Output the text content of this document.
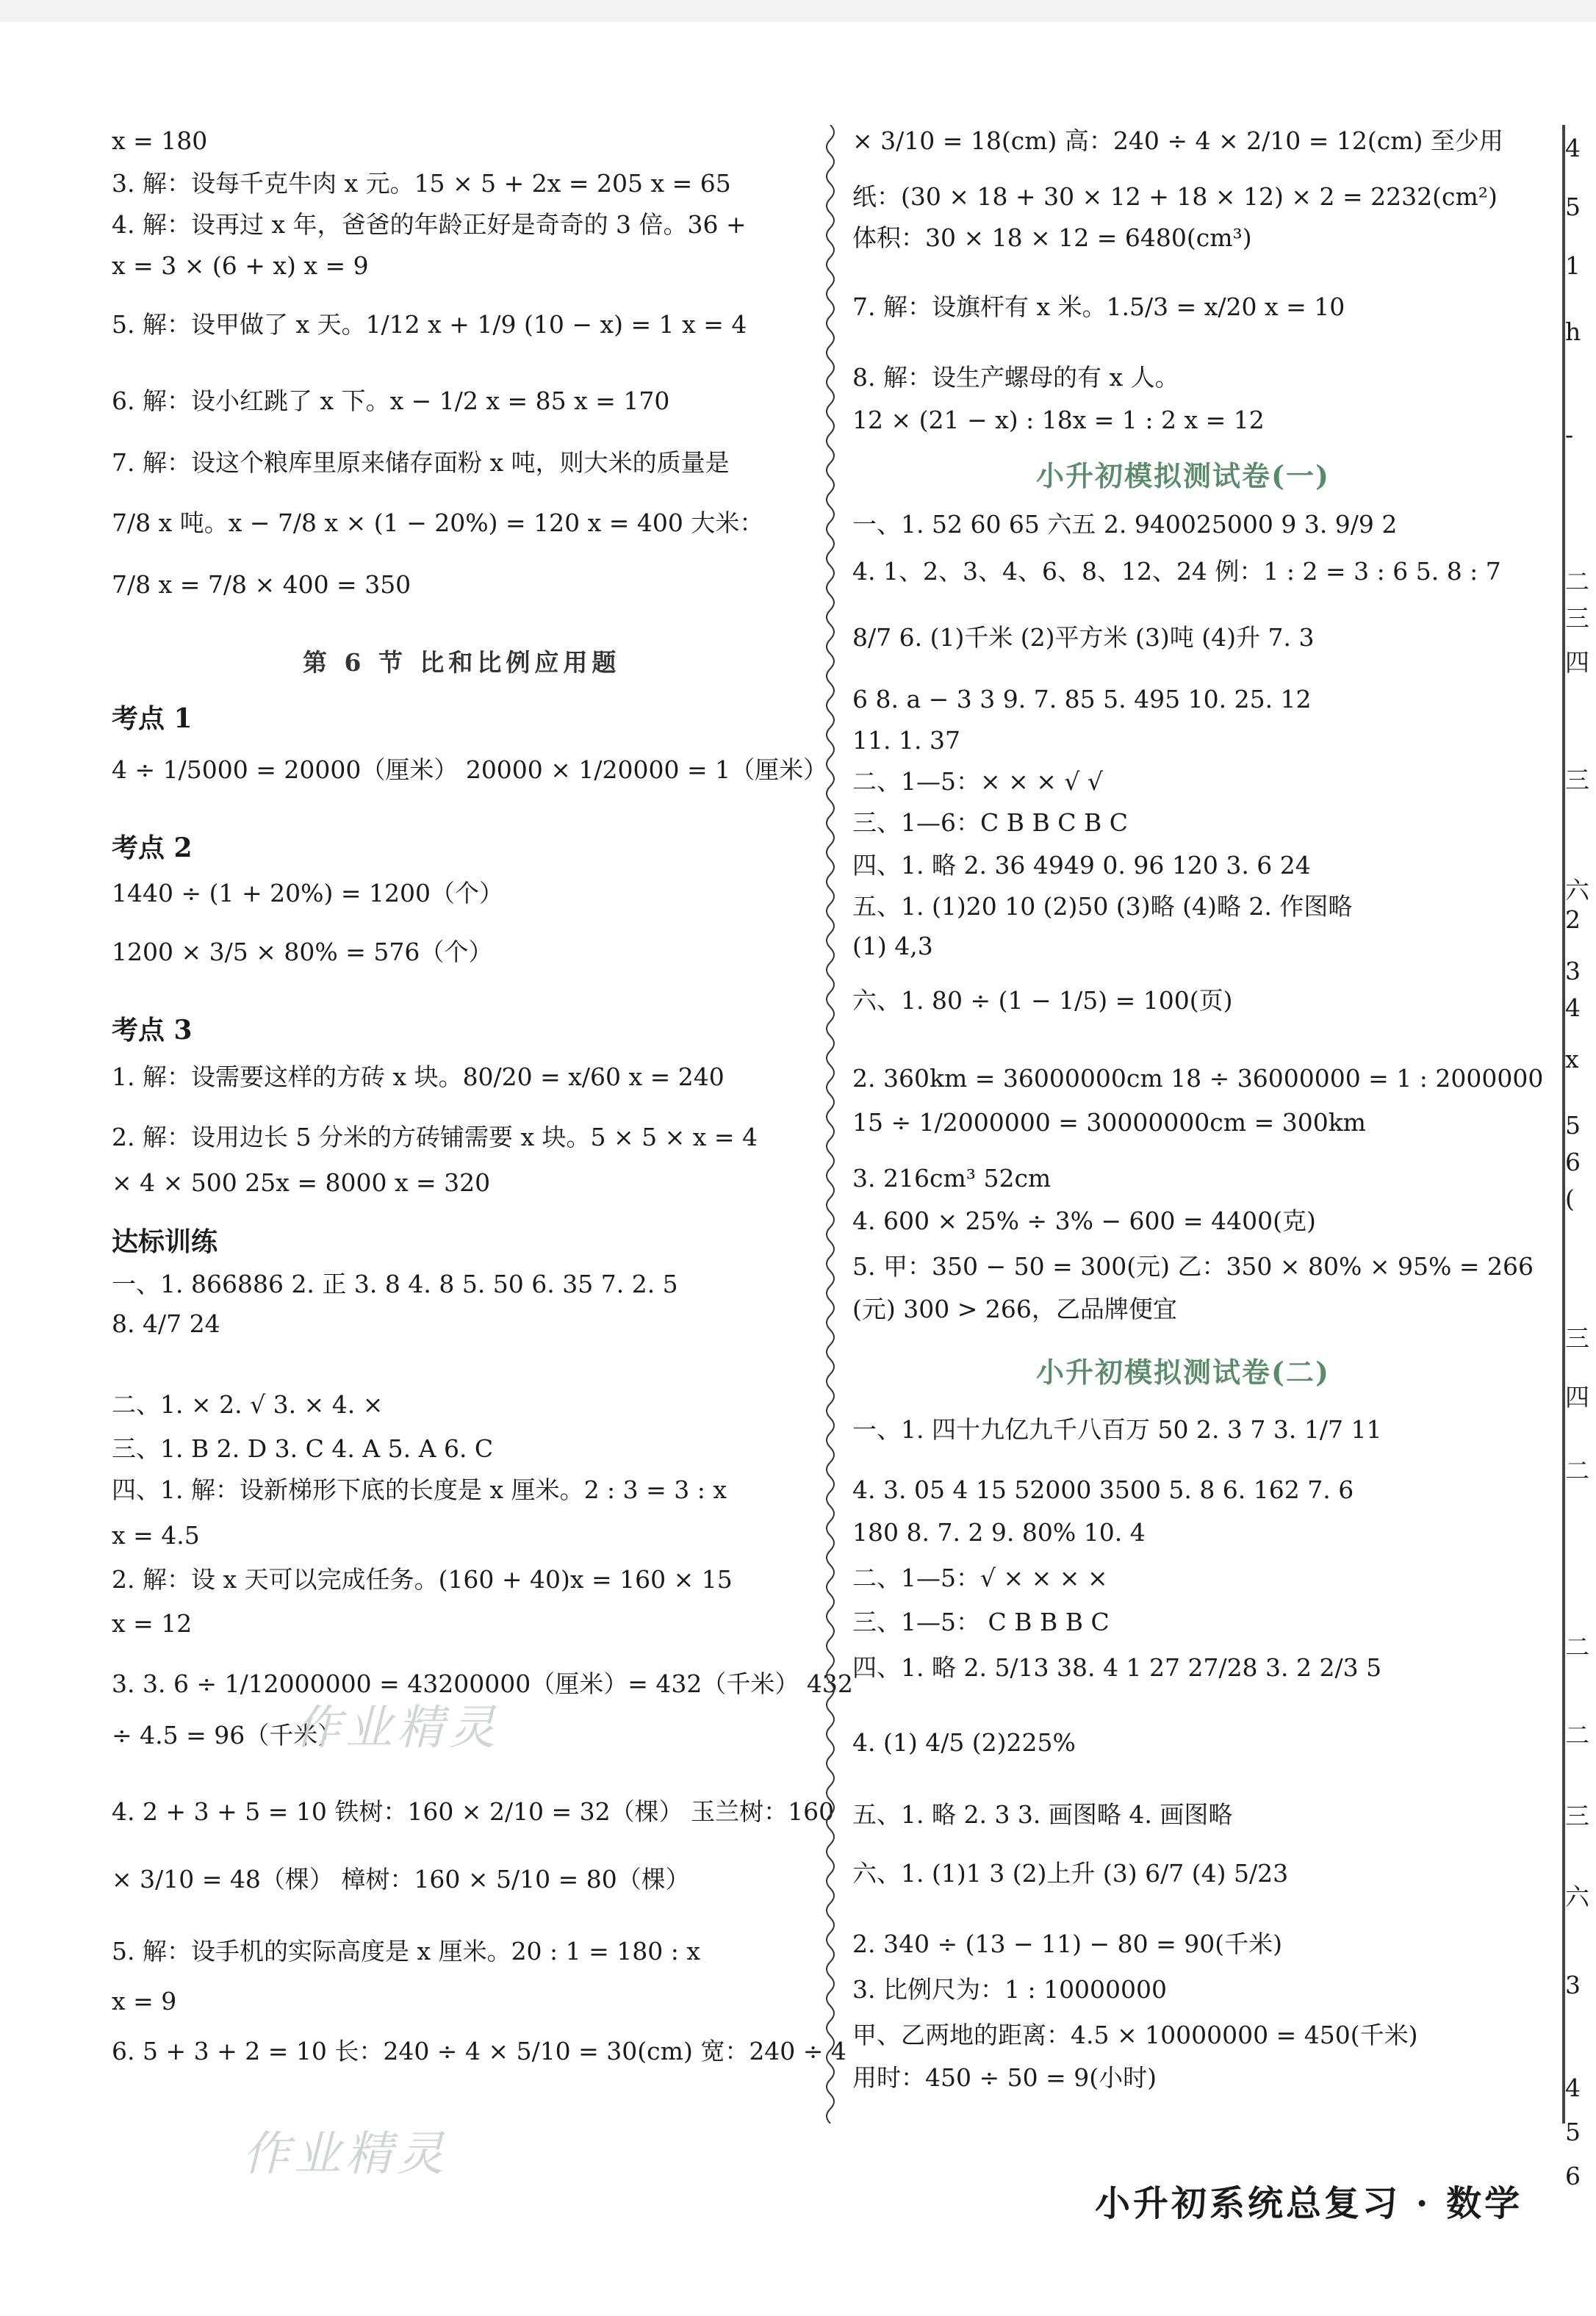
x = 180
3. 解：设每千克牛肉 x 元。15 × 5 + 2x = 205 x = 65
4. 解：设再过 x 年，爸爸的年龄正好是奇奇的 3 倍。36 +
x = 3 × (6 + x) x = 9
5. 解：设甲做了 x 天。1/12 x + 1/9 (10 − x) = 1 x = 4
6. 解：设小红跳了 x 下。x − 1/2 x = 85 x = 170
7. 解：设这个粮库里原来储存面粉 x 吨，则大米的质量是
7/8 x 吨。x − 7/8 x × (1 − 20%) = 120 x = 400 大米：
7/8 x = 7/8 × 400 = 350
第 6 节 比和比例应用题
考点 1
4 ÷ 1/5000 = 20000（厘米） 20000 × 1/20000 = 1（厘米）
考点 2
1440 ÷ (1 + 20%) = 1200（个）
1200 × 3/5 × 80% = 576（个）
考点 3
1. 解：设需要这样的方砖 x 块。80/20 = x/60 x = 240
2. 解：设用边长 5 分米的方砖铺需要 x 块。5 × 5 × x = 4
× 4 × 500 25x = 8000 x = 320
达标训练
一、1. 866886 2. 正 3. 8 4. 8 5. 50 6. 35 7. 2. 5
8. 4/7 24
二、1. × 2. √ 3. × 4. ×
三、1. B 2. D 3. C 4. A 5. A 6. C
四、1. 解：设新梯形下底的长度是 x 厘米。2 : 3 = 3 : x
x = 4.5
2. 解：设 x 天可以完成任务。(160 + 40)x = 160 × 15
x = 12
3. 3. 6 ÷ 1/12000000 = 43200000（厘米）= 432（千米） 432
÷ 4.5 = 96（千米）
4. 2 + 3 + 5 = 10 铁树：160 × 2/10 = 32（棵） 玉兰树：160
× 3/10 = 48（棵） 樟树：160 × 5/10 = 80（棵）
5. 解：设手机的实际高度是 x 厘米。20 : 1 = 180 : x
x = 9
6. 5 + 3 + 2 = 10 长：240 ÷ 4 × 5/10 = 30(cm) 宽：240 ÷ 4
× 3/10 = 18(cm) 高：240 ÷ 4 × 2/10 = 12(cm) 至少用
纸：(30 × 18 + 30 × 12 + 18 × 12) × 2 = 2232(cm²)
体积：30 × 18 × 12 = 6480(cm³)
7. 解：设旗杆有 x 米。1.5/3 = x/20 x = 10
8. 解：设生产螺母的有 x 人。
12 × (21 − x) : 18x = 1 : 2 x = 12
小升初模拟测试卷(一)
一、1. 52 60 65 六五 2. 940025000 9 3. 9/9 2
4. 1、2、3、4、6、8、12、24 例：1 : 2 = 3 : 6 5. 8 : 7
8/7 6. (1)千米 (2)平方米 (3)吨 (4)升 7. 3
6 8. a − 3 3 9. 7. 85 5. 495 10. 25. 12
11. 1. 37
二、1—5：× × × √ √
三、1—6：C B B C B C
四、1. 略 2. 36 4949 0. 96 120 3. 6 24
五、1. (1)20 10 (2)50 (3)略 (4)略 2. 作图略
(1) 4,3
六、1. 80 ÷ (1 − 1/5) = 100(页)
2. 360km = 36000000cm 18 ÷ 36000000 = 1 : 2000000
15 ÷ 1/2000000 = 30000000cm = 300km
3. 216cm³ 52cm
4. 600 × 25% ÷ 3% − 600 = 4400(克)
5. 甲：350 − 50 = 300(元) 乙：350 × 80% × 95% = 266
(元) 300 > 266，乙品牌便宜
小升初模拟测试卷(二)
一、1. 四十九亿九千八百万 50 2. 3 7 3. 1/7 11
4. 3. 05 4 15 52000 3500 5. 8 6. 162 7. 6
180 8. 7. 2 9. 80% 10. 4
二、1—5：√ × × × ×
三、1—5： C B B B C
四、1. 略 2. 5/13 38. 4 1 27 27/28 3. 2 2/3 5
4. (1) 4/5 (2)225%
五、1. 略 2. 3 3. 画图略 4. 画图略
六、1. (1)1 3 (2)上升 (3) 6/7 (4) 5/23
2. 340 ÷ (13 − 11) − 80 = 90(千米)
3. 比例尺为：1 : 10000000
甲、乙两地的距离：4.5 × 10000000 = 450(千米)
用时：450 ÷ 50 = 9(小时)
4
5
1
h
-
二
三
四
三
六
2
3
4
x
5
6
(
三
四
二
二
二
三
六
3
4
5
6
作业精灵
作业精灵
小升初系统总复习 · 数学
